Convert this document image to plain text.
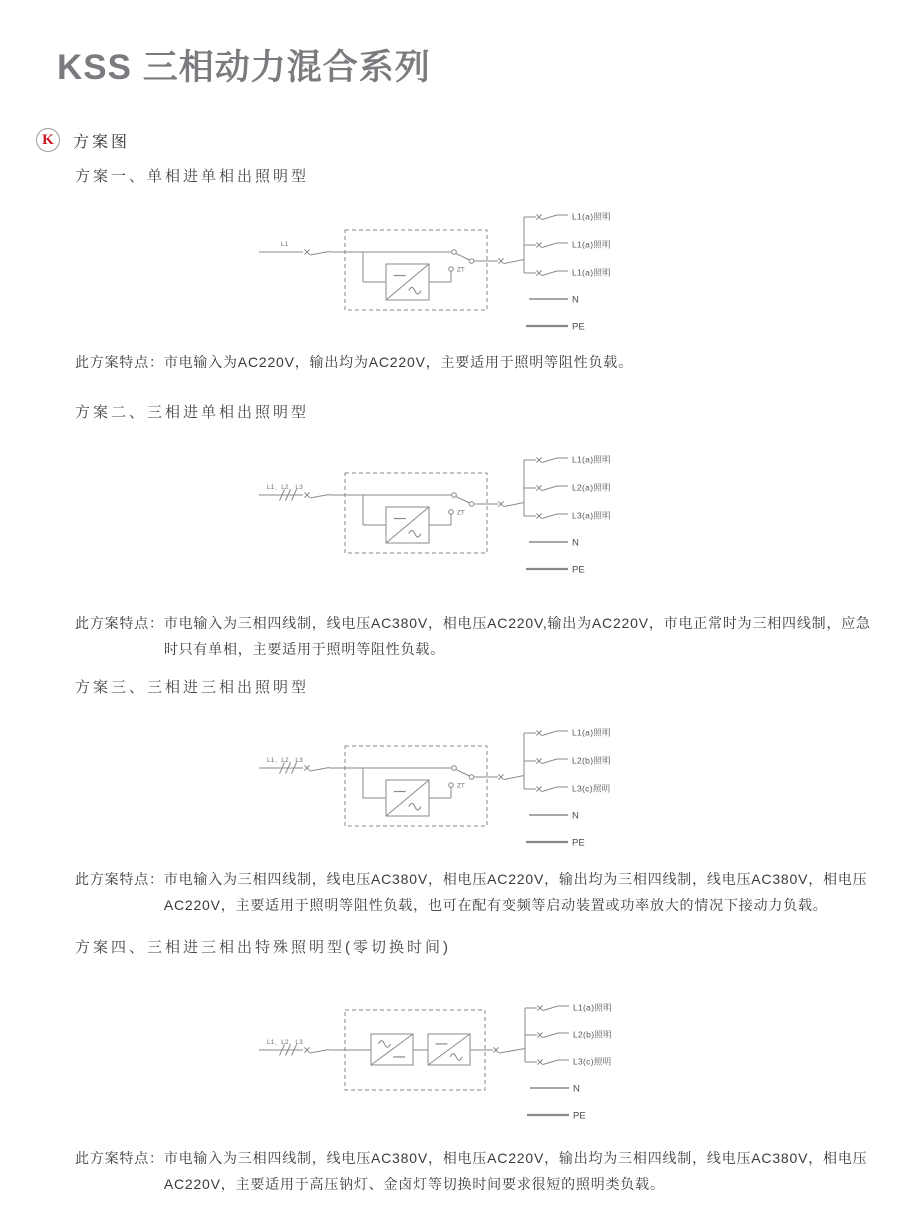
KSS 三相动力混合系列
K	方案图
方案一、单相进单相出照明型
L1
ZT
L1(a)照明
L1(a)照明
L1(a)照明
N
PE
此方案特点： 市电输入为AC220V，输出均为AC220V，主要适用于照明等阻性负载。
方案二、三相进单相出照明型
L1、L2、L3
ZT
L1(a)照明
L2(a)照明
L3(a)照明
N
PE
此方案特点： 市电输入为三相四线制，线电压AC380V，相电压AC220V,输出为AC220V，市电正常时为三相四线制，应急时只有单相，主要适用于照明等阻性负载。
方案三、三相进三相出照明型
L1、L2、L3
ZT
L1(a)照明
L2(b)照明
L3(c)照明
N
PE
此方案特点： 市电输入为三相四线制，线电压AC380V，相电压AC220V，输出均为三相四线制，线电压AC380V，相电压AC220V，主要适用于照明等阻性负载，也可在配有变频等启动装置或功率放大的情况下接动力负载。
方案四、三相进三相出特殊照明型(零切换时间)
L1、L2、L3
L1(a)照明
L2(b)照明
L3(c)照明
N
PE
此方案特点： 市电输入为三相四线制，线电压AC380V，相电压AC220V，输出均为三相四线制，线电压AC380V，相电压AC220V，主要适用于高压钠灯、金卤灯等切换时间要求很短的照明类负载。
